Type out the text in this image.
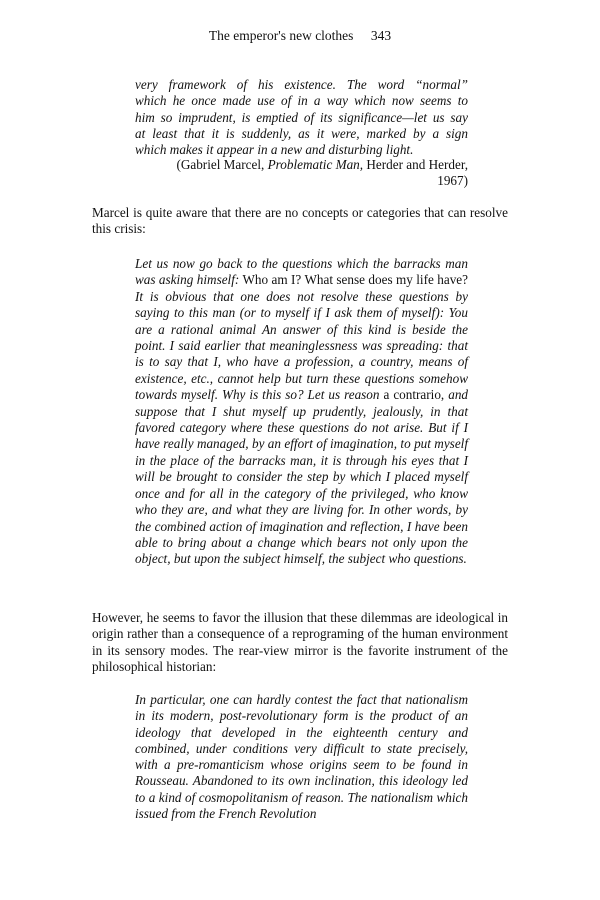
The emperor's new clothes 343
very framework of his existence. The word “normal”
which he once made use of in a way which now seems to
him so imprudent, is emptied of its significance—let us say
at least that it is suddenly, as it were, marked by a sign
which makes it appear in a new and disturbing light.
(Gabriel Marcel, Problematic Man, Herder and Herder,
1967)

Marcel is quite aware that there are no concepts or categories that can resolve this crisis:

Let us now go back to the questions which the barracks man was asking himself: Who am I? What sense does my life have? It is obvious that one does not resolve these questions by saying to this man (or to myself if I ask them of myself): You are a rational animal An answer of this kind is beside the point. I said earlier that meaninglessness was spreading: that is to say that I, who have a profession, a country, means of existence, etc., cannot help but turn these questions somehow towards myself. Why is this so? Let us reason a contrario, and suppose that I shut myself up prudently, jealously, in that favored category where these questions do not arise. But if I have really managed, by an effort of imagination, to put myself in the place of the barracks man, it is through his eyes that I will be brought to consider the step by which I placed myself once and for all in the category of the privileged, who know who they are, and what they are living for. In other words, by the combined action of imagination and reflection, I have been able to bring about a change which bears not only upon the object, but upon the subject himself, the subject who questions.

However, he seems to favor the illusion that these dilemmas are ideological in origin rather than a consequence of a reprograming of the human environment in its sensory modes. The rear-view mirror is the favorite instrument of the philosophical historian:

In particular, one can hardly contest the fact that nationalism in its modern, post-revolutionary form is the product of an ideology that developed in the eighteenth century and combined, under conditions very difficult to state precisely, with a pre-romanticism whose origins seem to be found in Rousseau. Abandoned to its own inclination, this ideology led to a kind of cosmopolitanism of reason. The nationalism which issued from the French Revolution
